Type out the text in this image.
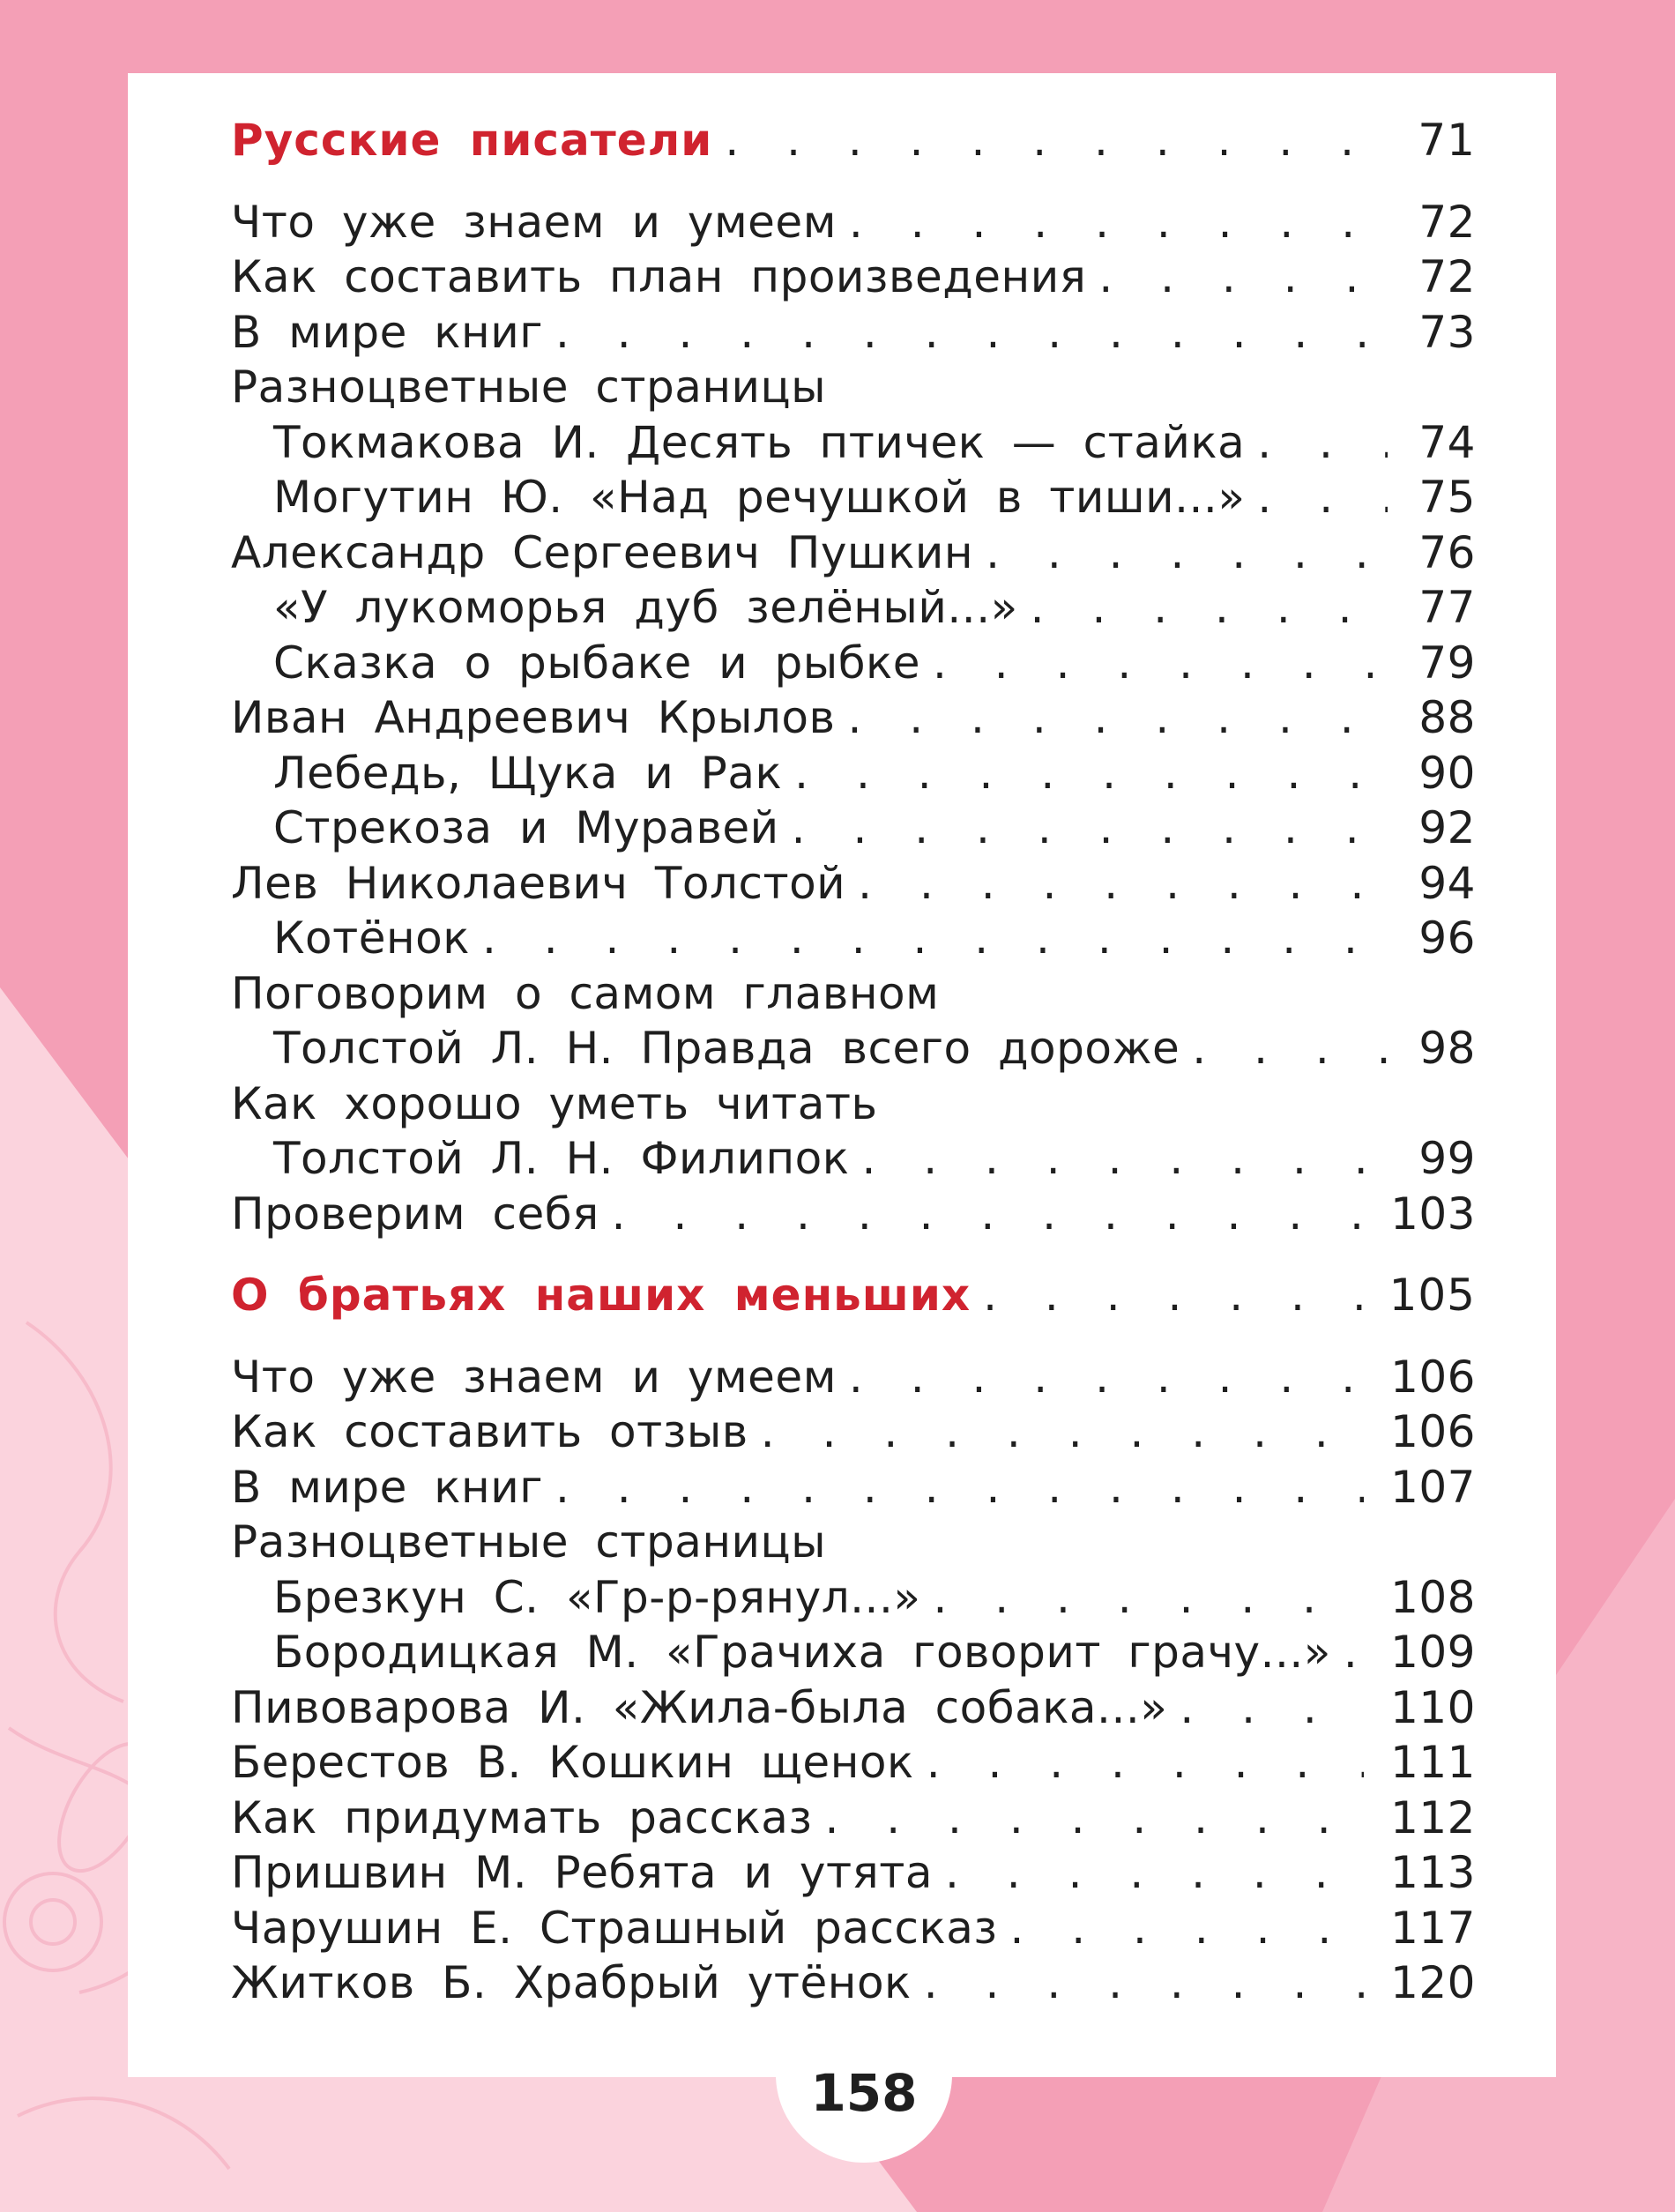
Русские писатели . . .	71
Что уже знаем и умеем . . .	72
Как составить план произведения . . .	72
В мире книг . . .	73
Разноцветные страницы
Токмакова И. Десять птичек — стайка . . .	74
Могутин Ю. «Над речушкой в тиши...» . . .	75
Александр Сергеевич Пушкин . . .	76
«У лукоморья дуб зелёный...» . . .	77
Сказка о рыбаке и рыбке . . .	79
Иван Андреевич Крылов . . .	88
Лебедь, Щука и Рак . . .	90
Стрекоза и Муравей . . .	92
Лев Николаевич Толстой . . .	94
Котёнок . . .	96
Поговорим о самом главном
Толстой Л. Н. Правда всего дороже . . .	98
Как хорошо уметь читать
Толстой Л. Н. Филипок . . .	99
Проверим себя . . .	103
О братьях наших меньших . . .	105
Что уже знаем и умеем . . .	106
Как составить отзыв . . .	106
В мире книг . . .	107
Разноцветные страницы
Брезкун С. «Гр-р-рянул...» . . .	108
Бородицкая М. «Грачиха говорит грачу...» . . . 109
Пивоварова И. «Жила-была собака...» . . .	110
Берестов В. Кошкин щенок . . .	111
Как придумать рассказ . . .	112
Пришвин М. Ребята и утята . . .	113
Чарушин Е. Страшный рассказ . . .	117
Житков Б. Храбрый утёнок . . .	120
158
